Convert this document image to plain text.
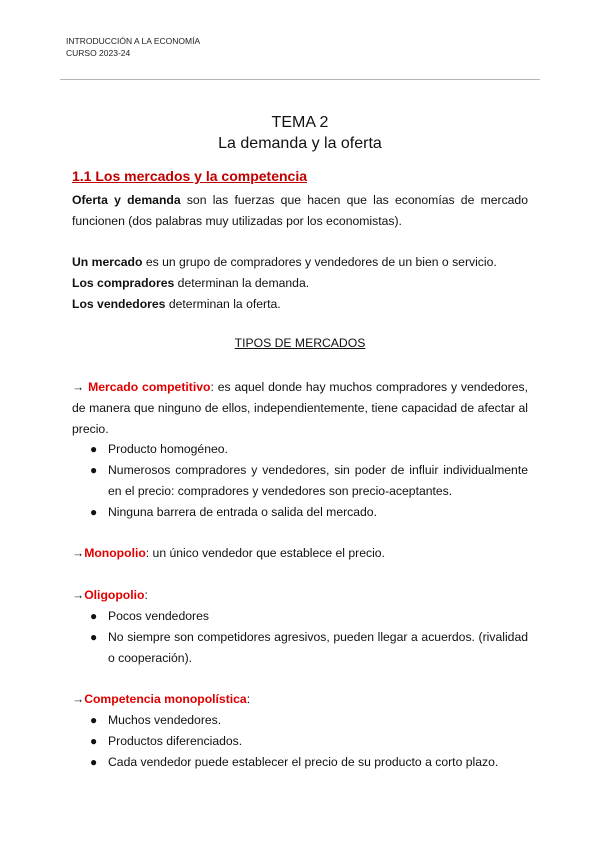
INTRODUCCIÓN A LA ECONOMÍA
CURSO 2023-24
TEMA 2
La demanda y la oferta
1.1 Los mercados y la competencia
Oferta y demanda son las fuerzas que hacen que las economías de mercado funcionen (dos palabras muy utilizadas por los economistas).
Un mercado es un grupo de compradores y vendedores de un bien o servicio.
Los compradores determinan la demanda.
Los vendedores determinan la oferta.
TIPOS DE MERCADOS
→ Mercado competitivo: es aquel donde hay muchos compradores y vendedores, de manera que ninguno de ellos, independientemente, tiene capacidad de afectar al precio.
● Producto homogéneo.
● Numerosos compradores y vendedores, sin poder de influir individualmente en el precio: compradores y vendedores son precio-aceptantes.
● Ninguna barrera de entrada o salida del mercado.
→Monopolio: un único vendedor que establece el precio.
→Oligopolio:
● Pocos vendedores
● No siempre son competidores agresivos, pueden llegar a acuerdos. (rivalidad o cooperación).
→Competencia monopolística:
● Muchos vendedores.
● Productos diferenciados.
● Cada vendedor puede establecer el precio de su producto a corto plazo.
